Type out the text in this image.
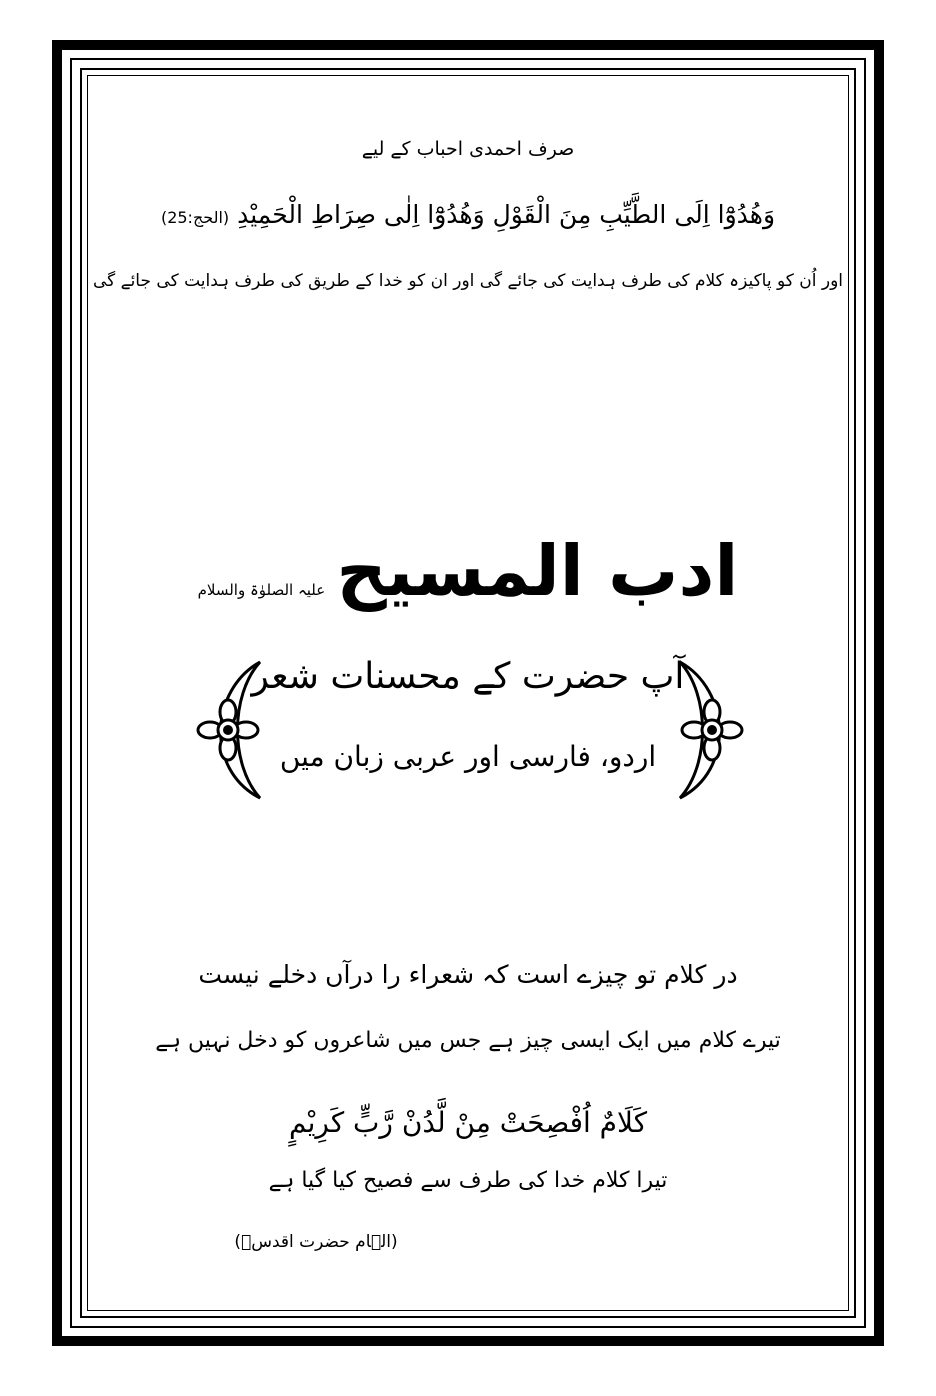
صرف احمدی احباب کے لیے
وَهُدُوْٓا اِلَى الطَّيِّبِ مِنَ الْقَوْلِ وَهُدُوْٓا اِلٰى صِرَاطِ الْحَمِيْدِ (الحج:25)
اور اُن کو پاکیزہ کلام کی طرف ہدایت کی جائے گی اور ان کو خدا کے طریق کی طرف ہدایت کی جائے گی
ادب المسیح علیہ الصلوٰۃ والسلام
آپ حضرت کے محسنات شعر
اردو، فارسی اور عربی زبان میں
در کلام تو چیزے است کہ شعراء را درآں دخلے نیست
تیرے کلام میں ایک ایسی چیز ہے جس میں شاعروں کو دخل نہیں ہے
كَلَامٌ اُفْصِحَتْ مِنْ لَّدُنْ رَّبٍّ كَرِيْمٍ
تیرا کلام خدا کی طرف سے فصیح کیا گیا ہے
(الہام حضرت اقدسؑ)
